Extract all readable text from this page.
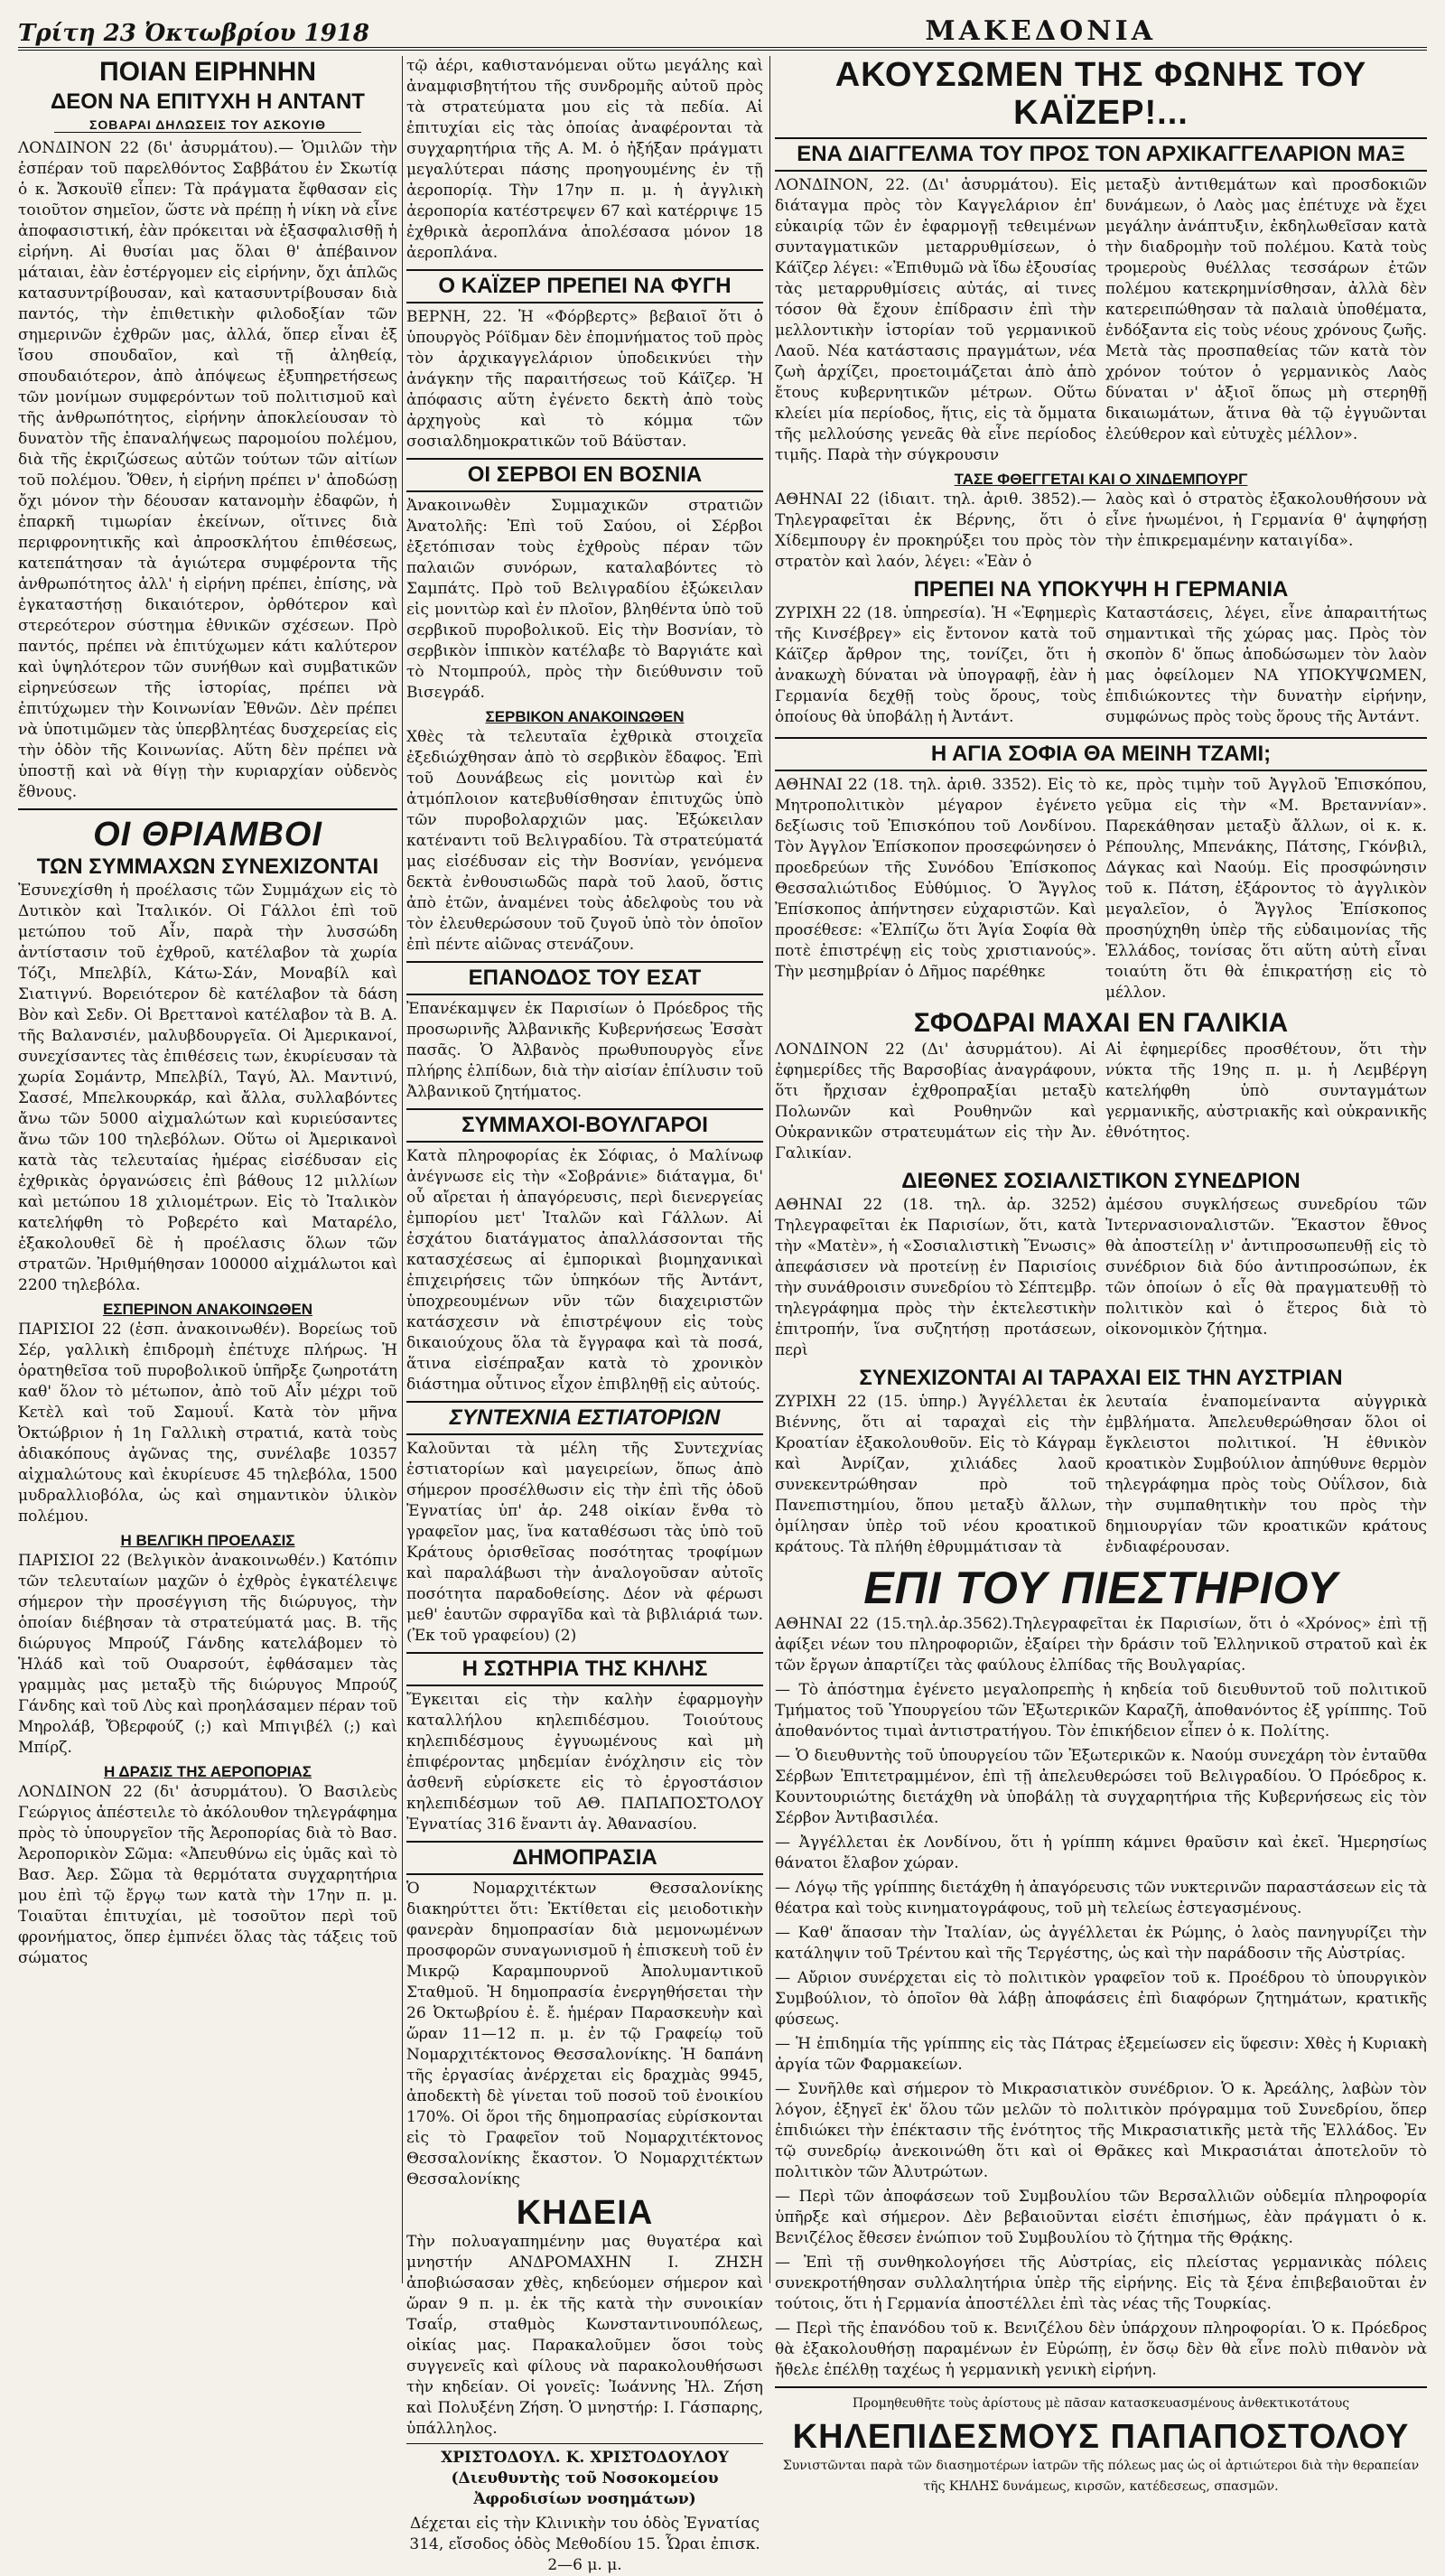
Τρίτη 23 Ὀκτωβρίου 1918	ΜΑΚΕΔΟΝΙΑ
ΠΟΙΑΝ ΕΙΡΗΝΗΝ
ΔΕΟΝ ΝΑ ΕΠΙΤΥΧΗ Η ΑΝΤΑΝΤ
ΣΟΒΑΡΑΙ ΔΗΛΩΣΕΙΣ ΤΟΥ ΑΣΚΟΥΙΘ

ΛΟΝΔΙΝΟΝ 22 (δι' ἀσυρμάτου).— Ὁμιλῶν τὴν ἑσπέραν τοῦ παρελθόντος Σαββάτου ἐν Σκωτίᾳ ὁ κ. Ἄσκουϊθ εἶπεν: Τὰ πράγματα ἔφθασαν εἰς τοιοῦτον σημεῖον, ὥστε νὰ πρέπῃ ἡ νίκη νὰ εἶνε ἀποφασιστική, ἐὰν πρόκειται νὰ ἐξασφαλισθῇ ἡ εἰρήνη. Αἱ θυσίαι μας ὅλαι θ' ἀπέβαινον μάταιαι, ἐὰν ἐστέργομεν εἰς εἰρήνην, ὄχι ἁπλῶς κατασυντρίβουσαν, καὶ κατασυντρίβουσαν διὰ παντός, τὴν ἐπιθετικὴν φιλοδοξίαν τῶν σημερινῶν ἐχθρῶν μας, ἀλλά, ὅπερ εἶναι ἐξ ἴσου σπουδαῖον, καὶ τῇ ἀληθείᾳ, σπουδαιότερον, ἀπὸ ἀπόψεως ἐξυπηρετήσεως τῶν μονίμων συμφερόντων τοῦ πολιτισμοῦ καὶ τῆς ἀνθρωπότητος, εἰρήνην ἀποκλείουσαν τὸ δυνατὸν τῆς ἐπαναλήψεως παρομοίου πολέμου, διὰ τῆς ἐκριζώσεως αὐτῶν τούτων τῶν αἰτίων τοῦ πολέμου. Ὅθεν, ἡ εἰρήνη πρέπει ν' ἀποδώσῃ ὄχι μόνον τὴν δέουσαν κατανομὴν ἐδαφῶν, ἡ ἐπαρκῆ τιμωρίαν ἐκείνων, οἵτινες διὰ περιφρονητικῆς καὶ ἀπροσκλήτου ἐπιθέσεως, κατεπάτησαν τὰ ἁγιώτερα συμφέροντα τῆς ἀνθρωπότητος ἀλλ' ἡ εἰρήνη πρέπει, ἐπίσης, νὰ ἐγκαταστήσῃ δικαιότερον, ὀρθότερον καὶ στερεότερον σύστημα ἐθνικῶν σχέσεων. Πρὸ παντός, πρέπει νὰ ἐπιτύχωμεν κάτι καλύτερον καὶ ὑψηλότερον τῶν συνήθων καὶ συμβατικῶν εἰρηνεύσεων τῆς ἱστορίας, πρέπει νὰ ἐπιτύχωμεν τὴν Κοινωνίαν Ἐθνῶν. Δὲν πρέπει νὰ ὑποτιμῶμεν τὰς ὑπερβλητέας δυσχερείας εἰς τὴν ὁδὸν τῆς Κοινωνίας. Αὕτη δὲν πρέπει νὰ ὑποστῇ καὶ νὰ θίγῃ τὴν κυριαρχίαν οὐδενὸς ἔθνους.

ΟΙ ΘΡΙΑΜΒΟΙ
ΤΩΝ ΣΥΜΜΑΧΩΝ ΣΥΝΕΧΙΖΟΝΤΑΙ

Ἐσυνεχίσθη ἡ προέλασις τῶν Συμμάχων εἰς τὸ Δυτικὸν καὶ Ἰταλικόν. Οἱ Γάλλοι ἐπὶ τοῦ μετώπου τοῦ Αἶν, παρὰ τὴν λυσσώδη ἀντίστασιν τοῦ ἐχθροῦ, κατέλαβον τὰ χωρία Τόζι, Μπελβίλ, Κάτω-Σάν, Μοναβίλ καὶ Σιατιγνύ. Βορειότερον δὲ κατέλαβον τὰ δάση Βὸν καὶ Σεδν. Οἱ Βρεττανοὶ κατέλαβον τὰ Β. Α. τῆς Βαλανσιέν, μαλυβδουργεῖα. Οἱ Ἀμερικανοί, συνεχίσαντες τὰς ἐπιθέσεις των, ἐκυρίευσαν τὰ χωρία Σομάντρ, Μπελβίλ, Ταγύ, Ἀλ. Μαντινύ, Σασσέ, Μπελκουρκάρ, καὶ ἄλλα, συλλαβόντες ἄνω τῶν 5000 αἰχμαλώτων καὶ κυριεύσαντες ἄνω τῶν 100 τηλεβόλων. Οὕτω οἱ Ἀμερικανοὶ κατὰ τὰς τελευταίας ἡμέρας εἰσέδυσαν εἰς ἐχθρικὰς ὀργανώσεις ἐπὶ βάθους 12 μιλλίων καὶ μετώπου 18 χιλιομέτρων. Εἰς τὸ Ἰταλικὸν κατελήφθη τὸ Ροβερέτο καὶ Ματαρέλο, ἐξακολουθεῖ δὲ ἡ προέλασις ὅλων τῶν στρατῶν. Ἠριθμήθησαν 100000 αἰχμάλωτοι καὶ 2200 τηλεβόλα.

ΕΣΠΕΡΙΝΟΝ ΑΝΑΚΟΙΝΩΘΕΝ

ΠΑΡΙΣΙΟΙ 22 (ἑσπ. ἀνακοινωθέν). Βορείως τοῦ Σέρ, γαλλικὴ ἐπιδρομὴ ἐπέτυχε πλήρως. Ἡ ὁρατηθεῖσα τοῦ πυροβολικοῦ ὑπῆρξε ζωηροτάτη καθ' ὅλον τὸ μέτωπον, ἀπὸ τοῦ Αἶν μέχρι τοῦ Κετὲλ καὶ τοῦ Σαμουΐ. Κατὰ τὸν μῆνα Ὀκτώβριον ἡ 1η Γαλλικὴ στρατιά, κατὰ τοὺς ἀδιακόπους ἀγῶνας της, συνέλαβε 10357 αἰχμαλώτους καὶ ἐκυρίευσε 45 τηλεβόλα, 1500 μυδραλλιοβόλα, ὡς καὶ σημαντικὸν ὑλικὸν πολέμου.

Η ΒΕΛΓΙΚΗ ΠΡΟΕΛΑΣΙΣ

ΠΑΡΙΣΙΟΙ 22 (Βελγικὸν ἀνακοινωθέν.) Κατόπιν τῶν τελευταίων μαχῶν ὁ ἐχθρὸς ἐγκατέλειψε σήμερον τὴν προσέγγιση τῆς διώρυγος, τὴν ὁποίαν διέβησαν τὰ στρατεύματά μας. Β. τῆς διώρυγος Μπρούζ Γάνδης κατελάβομεν τὸ Ἡλάδ καὶ τοῦ Ουαρσούτ, ἐφθάσαμεν τὰς γραμμὰς μας μεταξὺ τῆς διώρυγος Μπρούζ Γάνδης καὶ τοῦ Λὺς καὶ προηλάσαμεν πέραν τοῦ Μηρολάβ, Ὄβερφούζ (;) καὶ Μπιγιβέλ (;) καὶ Μπίρζ.

Η ΔΡΑΣΙΣ ΤΗΣ ΑΕΡΟΠΟΡΙΑΣ

ΛΟΝΔΙΝΟΝ 22 (δι' ἀσυρμάτου). Ὁ Βασιλεὺς Γεώργιος ἀπέστειλε τὸ ἀκόλουθον τηλεγράφημα πρὸς τὸ ὑπουργεῖον τῆς Ἀεροπορίας διὰ τὸ Βασ. Ἀεροπορικὸν Σῶμα: «Ἀπευθύνω εἰς ὑμᾶς καὶ τὸ Βασ. Ἀερ. Σῶμα τὰ θερμότατα συγχαρητήρια μου ἐπὶ τῷ ἔργῳ των κατὰ τὴν 17ην π. μ. Τοιαῦται ἐπιτυχίαι, μὲ τοσοῦτον περὶ τοῦ φρονήματος, ὅπερ ἐμπνέει ὅλας τὰς τάξεις τοῦ σώματος

τῷ ἀέρι, καθιστανόμεναι οὕτω μεγάλης καὶ ἀναμφισβητήτου τῆς συνδρομῆς αὐτοῦ πρὸς τὰ στρατεύματα μου εἰς τὰ πεδία. Αἱ ἐπιτυχίαι εἰς τὰς ὁποίας ἀναφέρονται τὰ συγχαρητήρια τῆς Α. Μ. ὁ ἠξήξαν πράγματι μεγαλύτεραι πάσης προηγουμένης ἐν τῇ ἀεροπορίᾳ. Τὴν 17ην π. μ. ἡ ἀγγλικὴ ἀεροπορία κατέστρεψεν 67 καὶ κατέρριψε 15 ἐχθρικὰ ἀεροπλάνα ἀπολέσασα μόνον 18 ἀεροπλάνα.

Ο ΚΑΪΖΕΡ ΠΡΕΠΕΙ ΝΑ ΦΥΓΗ

ΒΕΡΝΗ, 22. Ἡ «Φόρβερτς» βεβαιοῖ ὅτι ὁ ὑπουργὸς Ρόϊδμαν δὲν ἐπομνήματος τοῦ πρὸς τὸν ἀρχικαγγελάριον ὑποδεικνύει τὴν ἀνάγκην τῆς παραιτήσεως τοῦ Κάϊζερ. Ἡ ἀπόφασις αὕτη ἐγένετο δεκτὴ ἀπὸ τοὺς ἀρχηγοὺς καὶ τὸ κόμμα τῶν σοσιαλδημοκρατικῶν τοῦ Βάϋσταν.

ΟΙ ΣΕΡΒΟΙ ΕΝ ΒΟΣΝΙΑ

Ἀνακοινωθὲν Συμμαχικῶν στρατιῶν Ἀνατολῆς: Ἐπὶ τοῦ Σαύου, οἱ Σέρβοι ἐξετόπισαν τοὺς ἐχθροὺς πέραν τῶν παλαιῶν συνόρων, καταλαβόντες τὸ Σαμπάτς. Πρὸ τοῦ Βελιγραδίου ἐξώκειλαν εἰς μονιτὼρ καὶ ἐν πλοῖον, βληθέντα ὑπὸ τοῦ σερβικοῦ πυροβολικοῦ. Εἰς τὴν Βοσνίαν, τὸ σερβικὸν ἱππικὸν κατέλαβε τὸ Βαργιάτε καὶ τὸ Ντομπρούλ, πρὸς τὴν διεύθυνσιν τοῦ Βισεγράδ.

ΣΕΡΒΙΚΟΝ ΑΝΑΚΟΙΝΩΘΕΝ

Χθὲς τὰ τελευταῖα ἐχθρικὰ στοιχεῖα ἐξεδιώχθησαν ἀπὸ τὸ σερβικὸν ἔδαφος. Ἐπὶ τοῦ Δουνάβεως εἰς μονιτὼρ καὶ ἐν ἀτμόπλοιον κατεβυθίσθησαν ἐπιτυχῶς ὑπὸ τῶν πυροβολαρχιῶν μας. Ἐξώκειλαν κατέναντι τοῦ Βελιγραδίου. Τὰ στρατεύματά μας εἰσέδυσαν εἰς τὴν Βοσνίαν, γενόμενα δεκτὰ ἐνθουσιωδῶς παρὰ τοῦ λαοῦ, ὅστις ἀπὸ ἐτῶν, ἀναμένει τοὺς ἀδελφοὺς του νὰ τὸν ἐλευθερώσουν τοῦ ζυγοῦ ὑπὸ τὸν ὁποῖον ἐπὶ πέντε αἰῶνας στενάζουν.

ΕΠΑΝΟΔΟΣ ΤΟΥ ΕΣΑΤ

Ἐπανέκαμψεν ἐκ Παρισίων ὁ Πρόεδρος τῆς προσωρινῆς Ἀλβανικῆς Κυβερνήσεως Ἐσσὰτ πασᾶς. Ὁ Ἀλβανὸς πρωθυπουργὸς εἶνε πλήρης ἐλπίδων, διὰ τὴν αἰσίαν ἐπίλυσιν τοῦ Ἀλβανικοῦ ζητήματος.

ΣΥΜΜΑΧΟΙ-ΒΟΥΛΓΑΡΟΙ

Κατὰ πληροφορίας ἐκ Σόφιας, ὁ Μαλίνωφ ἀνέγνωσε εἰς τὴν «Σοβράνιε» διάταγμα, δι' οὗ αἴρεται ἡ ἀπαγόρευσις, περὶ διενεργείας ἐμπορίου μετ' Ἰταλῶν καὶ Γάλλων. Αἱ ἐσχάτου διατάγματος ἀπαλλάσσονται τῆς κατασχέσεως αἱ ἐμπορικαὶ βιομηχανικαὶ ἐπιχειρήσεις τῶν ὑπηκόων τῆς Ἀντάντ, ὑποχρεουμένων νῦν τῶν διαχειριστῶν κατάσχεσιν νὰ ἐπιστρέψουν εἰς τοὺς δικαιούχους ὅλα τὰ ἔγγραφα καὶ τὰ ποσά, ἅτινα εἰσέπραξαν κατὰ τὸ χρονικὸν διάστημα οὗτινος εἶχον ἐπιβληθῇ εἰς αὐτούς.

ΣΥΝΤΕΧΝΙΑ ΕΣΤΙΑΤΟΡΙΩΝ

Καλοῦνται τὰ μέλη τῆς Συντεχνίας ἑστιατορίων καὶ μαγειρείων, ὅπως ἀπὸ σήμερον προσέλθωσιν εἰς τὴν ἐπὶ τῆς ὁδοῦ Ἐγνατίας ὑπ' ἀρ. 248 οἰκίαν ἔνθα τὸ γραφεῖον μας, ἵνα καταθέσωσι τὰς ὑπὸ τοῦ Κράτους ὁρισθεῖσας ποσότητας τροφίμων καὶ παραλάβωσι τὴν ἀναλογοῦσαν αὐτοῖς ποσότητα παραδοθείσης. Δέον νὰ φέρωσι μεθ' ἑαυτῶν σφραγῖδα καὶ τὰ βιβλιάριά των. (Ἐκ τοῦ γραφείου) (2)

Η ΣΩΤΗΡΙΑ ΤΗΣ ΚΗΛΗΣ

Ἔγκειται εἰς τὴν καλὴν ἐφαρμογὴν καταλλήλου κηλεπιδέσμου. Τοιούτους κηλεπιδέσμους ἐγγυωμένους καὶ μὴ ἐπιφέροντας μηδεμίαν ἐνόχλησιν εἰς τὸν ἀσθενῆ εὑρίσκετε εἰς τὸ ἐργοστάσιον κηλεπιδέσμων τοῦ ΑΘ. ΠΑΠΑΠΟΣΤΟΛΟΥ Ἐγνατίας 316 ἔναντι ἁγ. Ἀθανασίου.

ΔΗΜΟΠΡΑΣΙΑ

Ὁ Νομαρχιτέκτων Θεσσαλονίκης διακηρύττει ὅτι: Ἐκτίθεται εἰς μειοδοτικὴν φανερὰν δημοπρασίαν διὰ μεμονωμένων προσφορῶν συναγωνισμοῦ ἡ ἐπισκευὴ τοῦ ἐν Μικρῷ Καραμπουρνοῦ Ἀπολυμαντικοῦ Σταθμοῦ. Ἡ δημοπρασία ἐνεργηθήσεται τὴν 26 Ὀκτωβρίου ἐ. ἔ. ἡμέραν Παρασκευὴν καὶ ὥραν 11—12 π. μ. ἐν τῷ Γραφείῳ τοῦ Νομαρχιτέκτονος Θεσσαλονίκης. Ἡ δαπάνη τῆς ἐργασίας ἀνέρχεται εἰς δραχμὰς 9945, ἀποδεκτὴ δὲ γίνεται τοῦ ποσοῦ τοῦ ἐνοικίου 170%. Οἱ ὅροι τῆς δημοπρασίας εὑρίσκονται εἰς τὸ Γραφεῖον τοῦ Νομαρχιτέκτονος Θεσσαλονίκης ἔκαστον. Ὁ Νομαρχιτέκτων Θεσσαλονίκης

ΚΗΔΕΙΑ

Τὴν πολυαγαπημένην μας θυγατέρα καὶ μνηστήν ΑΝΔΡΟΜΑΧΗΝ Ι. ΖΗΣΗ ἀποβιώσασαν χθὲς, κηδεύομεν σήμερον καὶ ὥραν 9 π. μ. ἐκ τῆς κατὰ τὴν συνοικίαν Τσαΐρ, σταθμὸς Κωνσταντινουπόλεως, οἰκίας μας. Παρακαλοῦμεν ὅσοι τοὺς συγγενεῖς καὶ φίλους νὰ παρακολουθήσωσι τὴν κηδείαν. Οἱ γονεῖς: Ἰωάννης Ἠλ. Ζήση καὶ Πολυξένη Ζήση. Ὁ μνηστήρ: Ι. Γάσπαρης, ὑπάλληλος.

ΧΡΙΣΤΟΔΟΥΛ. Κ. ΧΡΙΣΤΟΔΟΥΛΟΥ (Διευθυντὴς τοῦ Νοσοκομείου Ἀφροδισίων νοσημάτων)

Δέχεται εἰς τὴν Κλινικὴν του ὁδὸς Ἐγνατίας 314, εἴσοδος ὁδὸς Μεθοδίου 15. Ὧραι ἐπισκ. 2—6 μ. μ.

ΑΚΟΥΣΩΜΕΝ ΤΗΣ ΦΩΝΗΣ ΤΟΥ ΚΑΪΖΕΡ!...
ΕΝΑ ΔΙΑΓΓΕΛΜΑ ΤΟΥ ΠΡΟΣ ΤΟΝ ΑΡΧΙΚΑΓΓΕΛΑΡΙΟΝ ΜΑΞ

ΛΟΝΔΙΝΟΝ, 22. (Δι' ἀσυρμάτου). Εἰς διάταγμα πρὸς τὸν Καγγελάριον ἐπ' εὐκαιρίᾳ τῶν ἐν ἐφαρμογῇ τεθειμένων συνταγματικῶν μεταρρυθμίσεων, ὁ Κάϊζερ λέγει: «Ἐπιθυμῶ νὰ ἴδω ἐξουσίας τὰς μεταρρυθμίσεις αὐτάς, αἱ τινες τόσον θὰ ἔχουν ἐπίδρασιν ἐπὶ τὴν μελλοντικὴν ἱστορίαν τοῦ γερμανικοῦ Λαοῦ. Νέα κατάστασις πραγμάτων, νέα ζωὴ ἀρχίζει, προετοιμάζεται ἀπὸ ἀπὸ ἔτους κυβερνητικῶν μέτρων. Οὕτω κλείει μία περίοδος, ἥτις, εἰς τὰ ὄμματα τῆς μελλούσης γενεᾶς θὰ εἶνε περίοδος τιμῆς. Παρὰ τὴν σύγκρουσιν

μεταξὺ ἀντιθεμάτων καὶ προσδοκιῶν δυνάμεων, ὁ Λαὸς μας ἐπέτυχε νὰ ἔχει μεγάλην ἀνάπτυξιν, ἐκδηλωθεῖσαν κατὰ τὴν διαδρομὴν τοῦ πολέμου. Κατὰ τοὺς τρομεροὺς θυέλλας τεσσάρων ἐτῶν πολέμου κατεκρημνίσθησαν, ἀλλὰ δὲν κατερειπώθησαν τὰ παλαιὰ ὑποθέματα, ἐνδόξαντα εἰς τοὺς νέους χρόνους ζωῆς. Μετὰ τὰς προσπαθείας τῶν κατὰ τὸν χρόνον τούτον ὁ γερμανικὸς Λαὸς δύναται ν' ἀξιοῖ ὅπως μὴ στερηθῇ δικαιωμάτων, ἅτινα θὰ τῷ ἐγγυῶνται ἐλεύθερον καὶ εὐτυχὲς μέλλον».

ΤΑΣΕ ΦΘΕΓΓΕΤΑΙ ΚΑΙ Ο ΧΙΝΔΕΜΠΟΥΡΓ

ΑΘΗΝΑΙ 22 (ἰδιαιτ. τηλ. ἀριθ. 3852).—Τηλεγραφεῖται ἐκ Βέρνης, ὅτι ὁ Χίδεμπουργ ἐν προκηρύξει του πρὸς τὸν στρατὸν καὶ λαόν, λέγει: «Ἐὰν ὁ

λαὸς καὶ ὁ στρατὸς ἐξακολουθήσουν νὰ εἶνε ἡνωμένοι, ἡ Γερμανία θ' ἀψηφήσῃ τὴν ἐπικρεμαμένην καταιγίδα».

ΠΡΕΠΕΙ ΝΑ ΥΠΟΚΥΨΗ Η ΓΕΡΜΑΝΙΑ

ΖΥΡΙΧΗ 22 (18. ὑπηρεσία). Ἡ «Ἐφημερὶς τῆς Κινσέβρεγ» εἰς ἔντονον κατὰ τοῦ Κάϊζερ ἄρθρον της, τονίζει, ὅτι ἡ ἀνακωχὴ δύναται νὰ ὑπογραφῇ, ἐὰν ἡ Γερμανία δεχθῇ τοὺς ὅρους, τοὺς ὁποίους θὰ ὑποβάλῃ ἡ Ἀντάντ.

Καταστάσεις, λέγει, εἶνε ἀπαραιτήτως σημαντικαὶ τῆς χώρας μας. Πρὸς τὸν σκοπὸν δ' ὅπως ἀποδώσωμεν τὸν λαὸν μας ὀφείλομεν ΝΑ ΥΠΟΚΥΨΩΜΕΝ, ἐπιδιώκοντες τὴν δυνατὴν εἰρήνην, συμφώνως πρὸς τοὺς ὅρους τῆς Ἀντάντ.

Η ΑΓΙΑ ΣΟΦΙΑ ΘΑ ΜΕΙΝΗ ΤΖΑΜΙ;

ΑΘΗΝΑΙ 22 (18. τηλ. ἀριθ. 3352). Εἰς τὸ Μητροπολιτικὸν μέγαρον ἐγένετο δεξίωσις τοῦ Ἐπισκόπου τοῦ Λονδίνου. Τὸν Ἀγγλον Ἐπίσκοπον προσεφώνησεν ὁ προεδρεύων τῆς Συνόδου Ἐπίσκοπος Θεσσαλιώτιδος Εὐθύμιος. Ὁ Ἄγγλος Ἐπίσκοπος ἀπήντησεν εὐχαριστῶν. Καὶ προσέθεσε: «Ἐλπίζω ὅτι Ἁγία Σοφία θὰ ποτὲ ἐπιστρέψῃ εἰς τοὺς χριστιανούς». Τὴν μεσημβρίαν ὁ Δῆμος παρέθηκε

κε, πρὸς τιμὴν τοῦ Ἀγγλοῦ Ἐπισκόπου, γεῦμα εἰς τὴν «Μ. Βρεταννίαν». Παρεκάθησαν μεταξὺ ἄλλων, οἱ κ. κ. Ρέπουλης, Μπενάκης, Πάτσης, Γκόνβιλ, Δάγκας καὶ Ναούμ. Εἰς προσφώνησιν τοῦ κ. Πάτση, ἐξάροντος τὸ ἀγγλικὸν μεγαλεῖον, ὁ Ἄγγλος Ἐπίσκοπος προσηύχηθη ὑπὲρ τῆς εὐδαιμονίας τῆς Ἑλλάδος, τονίσας ὅτι αὕτη αὐτὴ εἶναι τοιαύτη ὅτι θὰ ἐπικρατήσῃ εἰς τὸ μέλλον.

ΣΦΟΔΡΑΙ ΜΑΧΑΙ ΕΝ ΓΑΛΙΚΙΑ

ΛΟΝΔΙΝΟΝ 22 (Δι' ἀσυρμάτου). Αἱ ἐφημερίδες τῆς Βαρσοβίας ἀναγράφουν, ὅτι ἤρχισαν ἐχθροπραξίαι μεταξὺ Πολωνῶν καὶ Ρουθηνῶν καὶ Οὐκρανικῶν στρατευμάτων εἰς τὴν Ἀν. Γαλικίαν.

Αἱ ἐφημερίδες προσθέτουν, ὅτι τὴν νύκτα τῆς 19ης π. μ. ἡ Λεμβέργη κατελήφθη ὑπὸ συνταγμάτων γερμανικῆς, αὐστριακῆς καὶ οὐκρανικῆς ἐθνότητος.

ΔΙΕΘΝΕΣ ΣΟΣΙΑΛΙΣΤΙΚΟΝ ΣΥΝΕΔΡΙΟΝ

ΑΘΗΝΑΙ 22 (18. τηλ. ἀρ. 3252) Τηλεγραφεῖται ἐκ Παρισίων, ὅτι, κατὰ τὴν «Ματὲν», ἡ «Σοσιαλιστικὴ Ἕνωσις» ἀπεφάσισεν νὰ προτείνῃ ἐν Παρισίοις τὴν συνάθροισιν συνεδρίου τὸ Σέπτεμβρ. τηλεγράφημα πρὸς τὴν ἐκτελεστικὴν ἐπιτροπήν, ἵνα συζητήσῃ προτάσεων, περὶ

ἀμέσου συγκλήσεως συνεδρίου τῶν Ἰντερνασιοναλιστῶν. Ἕκαστον ἔθνος θὰ ἀποστείλῃ ν' ἀντιπροσωπευθῇ εἰς τὸ συνέδριον διὰ δύο ἀντιπροσώπων, ἐκ τῶν ὁποίων ὁ εἷς θὰ πραγματευθῇ τὸ πολιτικὸν καὶ ὁ ἕτερος διὰ τὸ οἰκονομικὸν ζήτημα.

ΣΥΝΕΧΙΖΟΝΤΑΙ ΑΙ ΤΑΡΑΧΑΙ ΕΙΣ ΤΗΝ ΑΥΣΤΡΙΑΝ

ΖΥΡΙΧΗ 22 (15. ὑπηρ.) Ἀγγέλλεται ἐκ Βιέννης, ὅτι αἱ ταραχαὶ εἰς τὴν Κροατίαν ἐξακολουθοῦν. Εἰς τὸ Κάγραμ καὶ Ἀνρίζαν, χιλιάδες λαοῦ συνεκεντρώθησαν πρὸ τοῦ Πανεπιστημίου, ὅπου μεταξὺ ἄλλων, ὁμίλησαν ὑπὲρ τοῦ νέου κροατικοῦ κράτους. Τὰ πλήθη ἐθρυμμάτισαν τὰ

λευταία ἐναπομείναντα αὐγγρικὰ ἐμβλήματα. Ἀπελευθερώθησαν ὅλοι οἱ ἔγκλειστοι πολιτικοί. Ἡ ἐθνικὸν κροατικὸν Συμβούλιον ἀπηύθυνε θερμὸν τηλεγράφημα πρὸς τοὺς Οὐΐλσον, διὰ τὴν συμπαθητικὴν του πρὸς τὴν δημιουργίαν τῶν κροατικῶν κράτους ἐνδιαφέρουσαν.

ΕΠΙ ΤΟΥ ΠΙΕΣΤΗΡΙΟΥ

ΑΘΗΝΑΙ 22 (15.τηλ.ἀρ.3562).Τηλεγραφεῖται ἐκ Παρισίων, ὅτι ὁ «Χρόνος» ἐπὶ τῇ ἀφίξει νέων του πληροφοριῶν, ἐξαίρει τὴν δράσιν τοῦ Ἑλληνικοῦ στρατοῦ καὶ ἐκ τῶν ἔργων ἀπαρτίζει τὰς φαύλους ἐλπίδας τῆς Βουλγαρίας.

— Τὸ ἀπόστημα ἐγένετο μεγαλοπρεπὴς ἡ κηδεία τοῦ διευθυντοῦ τοῦ πολιτικοῦ Τμήματος τοῦ Ὑπουργείου τῶν Ἐξωτερικῶν Καραζῆ, ἀποθανόντος ἐξ γρίππης. Τοῦ ἀποθανόντος τιμαὶ ἀντιστρατήγου. Τὸν ἐπικήδειον εἶπεν ὁ κ. Πολίτης.

— Ὁ διευθυντὴς τοῦ ὑπουργείου τῶν Ἐξωτερικῶν κ. Ναούμ συνεχάρη τὸν ἐνταῦθα Σέρβων Ἐπιτετραμμένον, ἐπὶ τῇ ἀπελευθερώσει τοῦ Βελιγραδίου. Ὁ Πρόεδρος κ. Κουντουριώτης διετάχθη νὰ ὑποβάλῃ τὰ συγχαρητήρια τῆς Κυβερνήσεως εἰς τὸν Σέρβον Ἀντιβασιλέα.

— Ἀγγέλλεται ἐκ Λονδίνου, ὅτι ἡ γρίππη κάμνει θραῦσιν καὶ ἐκεῖ. Ἡμερησίως θάνατοι ἔλαβον χώραν.

— Λόγῳ τῆς γρίππης διετάχθη ἡ ἀπαγόρευσις τῶν νυκτερινῶν παραστάσεων εἰς τὰ θέατρα καὶ τοὺς κινηματογράφους, τοῦ μὴ τελείως ἐστεγασμένους.

— Καθ' ἅπασαν τὴν Ἰταλίαν, ὡς ἀγγέλλεται ἐκ Ρώμης, ὁ λαὸς πανηγυρίζει τὴν κατάληψιν τοῦ Τρέντου καὶ τῆς Τεργέστης, ὡς καὶ τὴν παράδοσιν τῆς Αὐστρίας.

— Αὔριον συνέρχεται εἰς τὸ πολιτικὸν γραφεῖον τοῦ κ. Προέδρου τὸ ὑπουργικὸν Συμβούλιον, τὸ ὁποῖον θὰ λάβῃ ἀποφάσεις ἐπὶ διαφόρων ζητημάτων, κρατικῆς φύσεως.

— Ἡ ἐπιδημία τῆς γρίππης εἰς τὰς Πάτρας ἐξεμείωσεν εἰς ὕφεσιν: Χθὲς ἡ Κυριακὴ ἀργία τῶν Φαρμακείων.

— Συνῆλθε καὶ σήμερον τὸ Μικρασιατικὸν συνέδριον. Ὁ κ. Ἀρεάλης, λαβὼν τὸν λόγον, ἐξηγεῖ ἐκ' ὅλου τῶν μελῶν τὸ πολιτικὸν πρόγραμμα τοῦ Συνεδρίου, ὅπερ ἐπιδιώκει τὴν ἐπέκτασιν τῆς ἐνότητος τῆς Μικρασιατικῆς μετὰ τῆς Ἑλλάδος. Ἐν τῷ συνεδρίῳ ἀνεκοινώθη ὅτι καὶ οἱ Θρᾶκες καὶ Μικρασιάται ἀποτελοῦν τὸ πολιτικὸν τῶν Ἀλυτρώτων.

— Περὶ τῶν ἀποφάσεων τοῦ Συμβουλίου τῶν Βερσαλλιῶν οὐδεμία πληροφορία ὑπῆρξε καὶ σήμερον. Δὲν βεβαιοῦνται εἰσέτι ἐπισήμως, ἐὰν πράγματι ὁ κ. Βενιζέλος ἔθεσεν ἐνώπιον τοῦ Συμβουλίου τὸ ζήτημα τῆς Θρᾴκης.

— Ἐπὶ τῇ συνθηκολογήσει τῆς Αὐστρίας, εἰς πλείστας γερμανικὰς πόλεις συνεκροτήθησαν συλλαλητήρια ὑπὲρ τῆς εἰρήνης. Εἰς τὰ ξένα ἐπιβεβαιοῦται ἐν τούτοις, ὅτι ἡ Γερμανία ἀποστέλλει ἐπὶ τὰς νέας τῆς Τουρκίας.

— Περὶ τῆς ἐπανόδου τοῦ κ. Βενιζέλου δὲν ὑπάρχουν πληροφορίαι. Ὁ κ. Πρόεδρος θὰ ἐξακολουθήσῃ παραμένων ἐν Εὐρώπῃ, ἐν ὅσῳ δὲν θὰ εἶνε πολὺ πιθανὸν νὰ ἤθελε ἐπέλθῃ ταχέως ἡ γερμανικὴ γενικὴ εἰρήνη.

Προμηθευθῆτε τοὺς ἀρίστους μὲ πᾶσαν κατασκευασμένους ἀνθεκτικοτάτους

ΚΗΛΕΠΙΔΕΣΜΟΥΣ ΠΑΠΑΠΟΣΤΟΛΟΥ

Συνιστῶνται παρὰ τῶν διασημοτέρων ἰατρῶν τῆς πόλεως μας ὡς οἱ ἀρτιώτεροι διὰ τὴν θεραπείαν τῆς ΚΗΛΗΣ δυνάμεως, κιρσῶν, κατέδεσεως, σπασμῶν.
